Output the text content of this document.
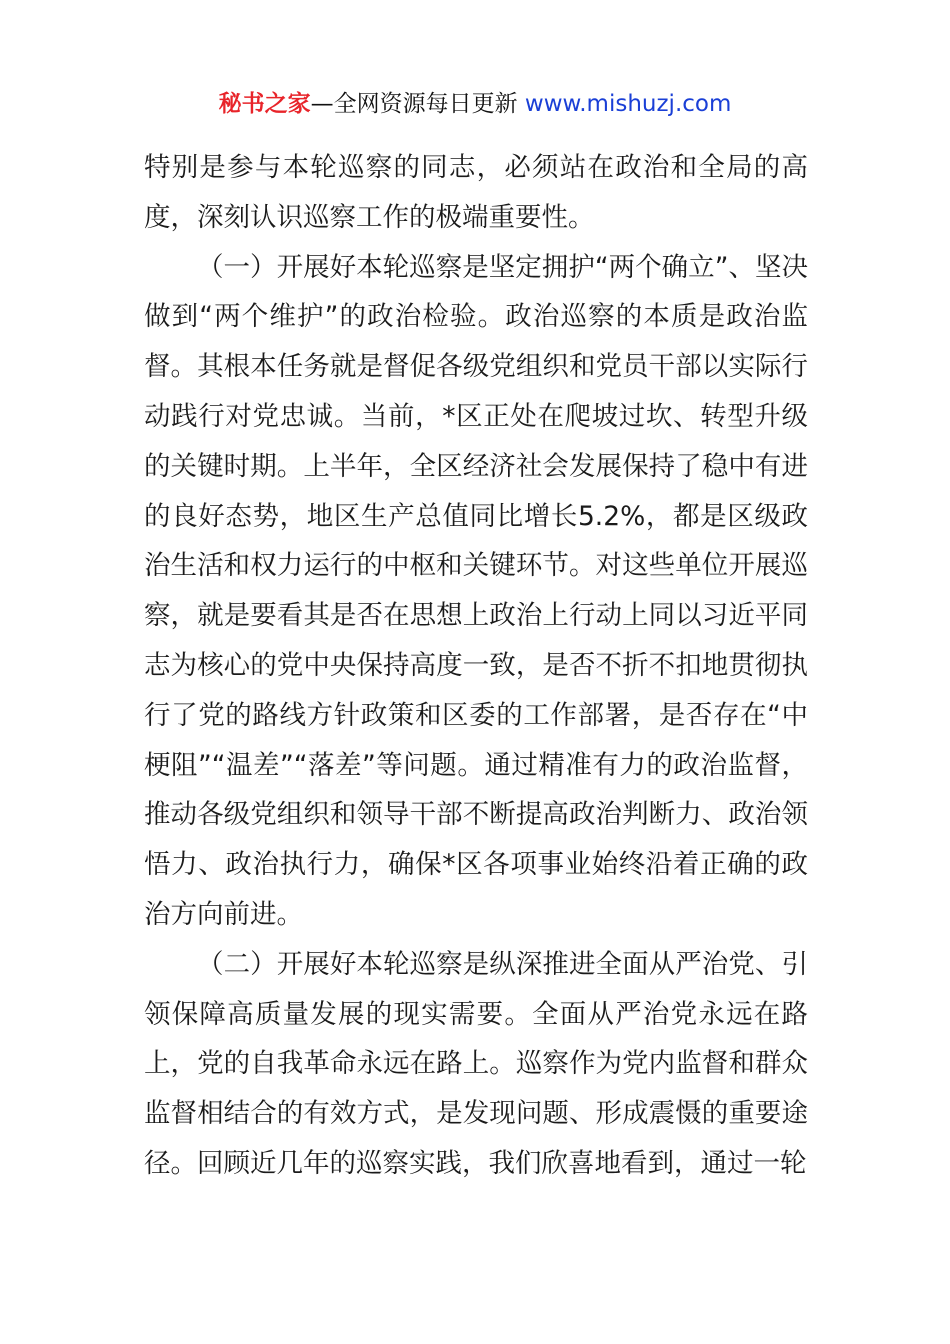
秘书之家—全网资源每日更新 www.mishuzj.com

特别是参与本轮巡察的同志，必须站在政治和全局的高度，深刻认识巡察工作的极端重要性。

（一）开展好本轮巡察是坚定拥护“两个确立”、坚决做到“两个维护”的政治检验。政治巡察的本质是政治监督。其根本任务就是督促各级党组织和党员干部以实际行动践行对党忠诚。当前，*区正处在爬坡过坎、转型升级的关键时期。上半年，全区经济社会发展保持了稳中有进的良好态势，地区生产总值同比增长5.2%，都是区级政治生活和权力运行的中枢和关键环节。对这些单位开展巡察，就是要看其是否在思想上政治上行动上同以习近平同志为核心的党中央保持高度一致，是否不折不扣地贯彻执行了党的路线方针政策和区委的工作部署，是否存在“中梗阻”“温差”“落差”等问题。通过精准有力的政治监督，推动各级党组织和领导干部不断提高政治判断力、政治领悟力、政治执行力，确保*区各项事业始终沿着正确的政治方向前进。

（二）开展好本轮巡察是纵深推进全面从严治党、引领保障高质量发展的现实需要。全面从严治党永远在路上，党的自我革命永远在路上。巡察作为党内监督和群众监督相结合的有效方式，是发现问题、形成震慑的重要途径。回顾近几年的巡察实践，我们欣喜地看到，通过一轮
